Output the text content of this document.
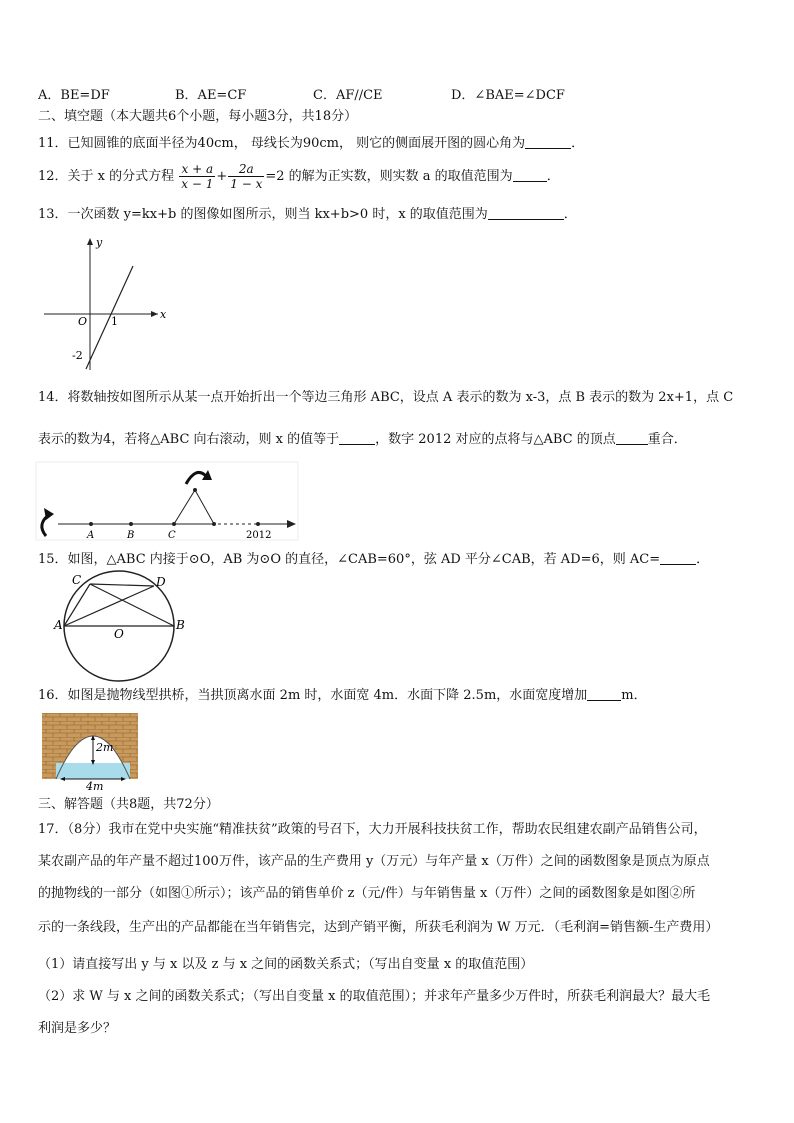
A．BE=DF	B．AE=CF	C．AF//CE	D．∠BAE=∠DCF
二、填空题（本大题共6个小题，每小题3分，共18分）
11．已知圆锥的底面半径为40cm， 母线长为90cm， 则它的侧面展开图的圆心角为	．
12．关于 x 的分式方程 $\frac{x + a}{x - 1} + \frac{2a}{1 - x} =2$ 的解为正实数，则实数 a 的取值范围为	．
13．一次函数 y=kx+b 的图像如图所示，则当 kx+b>0 时，x 的取值范围为	．
y
x
O 1
-2
14．将数轴按如图所示从某一点开始折出一个等边三角形 ABC，设点 A 表示的数为 x-3，点 B 表示的数为 2x+1，点 C
表示的数为4，若将△ABC 向右滚动，则 x 的值等于	，数字 2012 对应的点将与△ABC 的顶点 重合．
A	B	C	2012
15．如图，△ABC 内接于⊙O，AB 为⊙O 的直径，∠CAB=60°，弦 AD 平分∠CAB，若 AD=6，则 AC=	．
A	B
C	D
O
16．如图是抛物线型拱桥，当拱顶离水面 2m 时，水面宽 4m．水面下降 2.5m，水面宽度增加	m．
2m
4m
三、解答题（共8题，共72分）
17．（8分）我市在党中央实施“精准扶贫”政策的号召下，大力开展科技扶贫工作，帮助农民组建农副产品销售公司，
某农副产品的年产量不超过100万件，该产品的生产费用 y（万元）与年产量 x（万件）之间的函数图象是顶点为原点
的抛物线的一部分（如图①所示）；该产品的销售单价 z（元/件）与年销售量 x（万件）之间的函数图象是如图②所
示的一条线段，生产出的产品都能在当年销售完，达到产销平衡，所获毛利润为 W 万元．（毛利润=销售额-生产费用）
（1）请直接写出 y 与 x 以及 z 与 x 之间的函数关系式；（写出自变量 x 的取值范围）
（2）求 W 与 x 之间的函数关系式；（写出自变量 x 的取值范围）；并求年产量多少万件时，所获毛利润最大？最大毛
利润是多少？
